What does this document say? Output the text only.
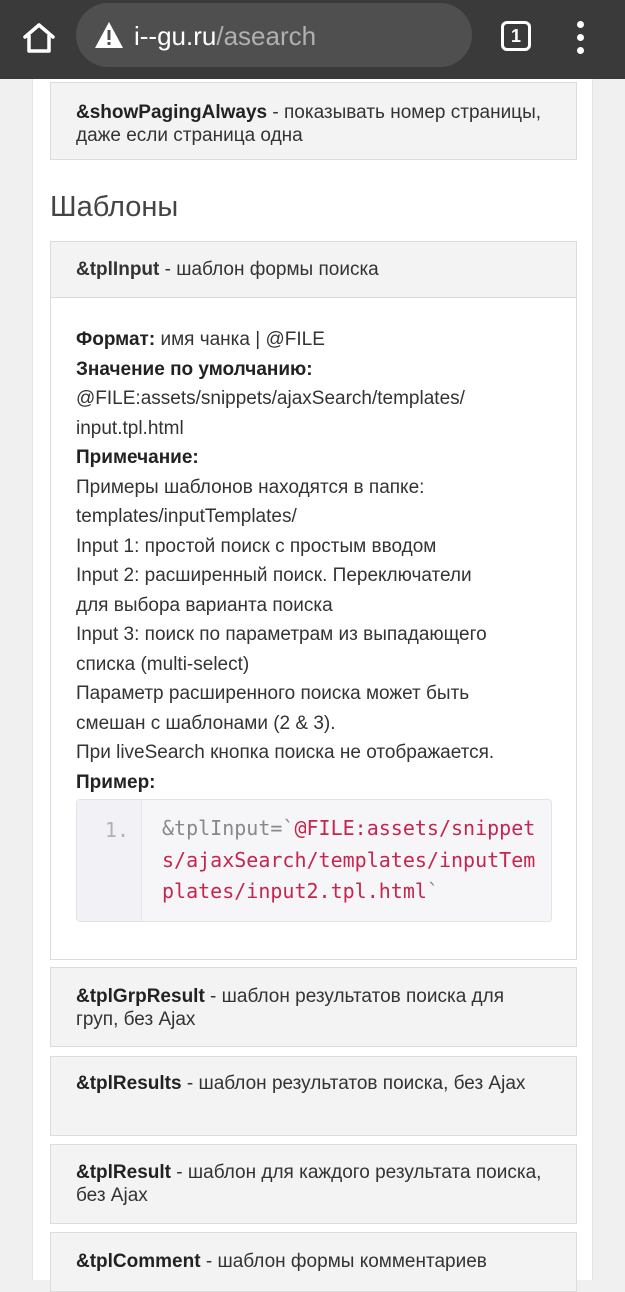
i--gu.ru/asearch	1
&showPagingAlways - показывать номер страницы, даже если страница одна
Шаблоны
&tplInput - шаблон формы поиска
Формат: имя чанка | @FILE
Значение по умолчанию:
@FILE:assets/snippets/ajaxSearch/templates/
input.tpl.html
Примечание:
Примеры шаблонов находятся в папке:
templates/inputTemplates/
Input 1: простой поиск с простым вводом
Input 2: расширенный поиск. Переключатели
для выбора варианта поиска
Input 3: поиск по параметрам из выпадающего
списка (multi-select)
Параметр расширенного поиска может быть
смешан с шаблонами (2 & 3).
При liveSearch кнопка поиска не отображается.
Пример:
1.	&tplInput=`@FILE:assets/snippets/ajaxSearch/templates/inputTemplates/input2.tpl.html`
&tplGrpResult - шаблон результатов поиска для груп, без Ajax
&tplResults - шаблон результатов поиска, без Ajax
&tplResult - шаблон для каждого результата поиска, без Ajax
&tplComment - шаблон формы комментариев
